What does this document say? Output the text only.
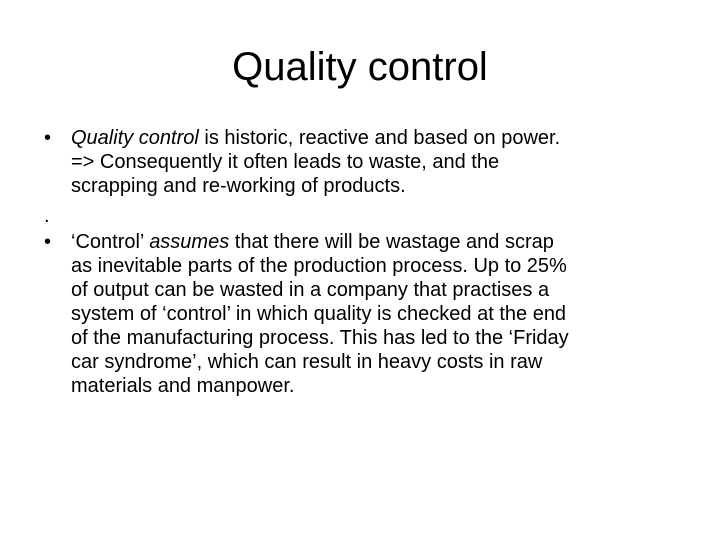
Quality control
• Quality control is historic, reactive and based on power.
=> Consequently it often leads to waste, and the
scrapping and re-working of products.
.
• ‘Control’ assumes that there will be wastage and scrap
as inevitable parts of the production process. Up to 25%
of output can be wasted in a company that practises a
system of ‘control’ in which quality is checked at the end
of the manufacturing process. This has led to the ‘Friday
car syndrome’, which can result in heavy costs in raw
materials and manpower.
